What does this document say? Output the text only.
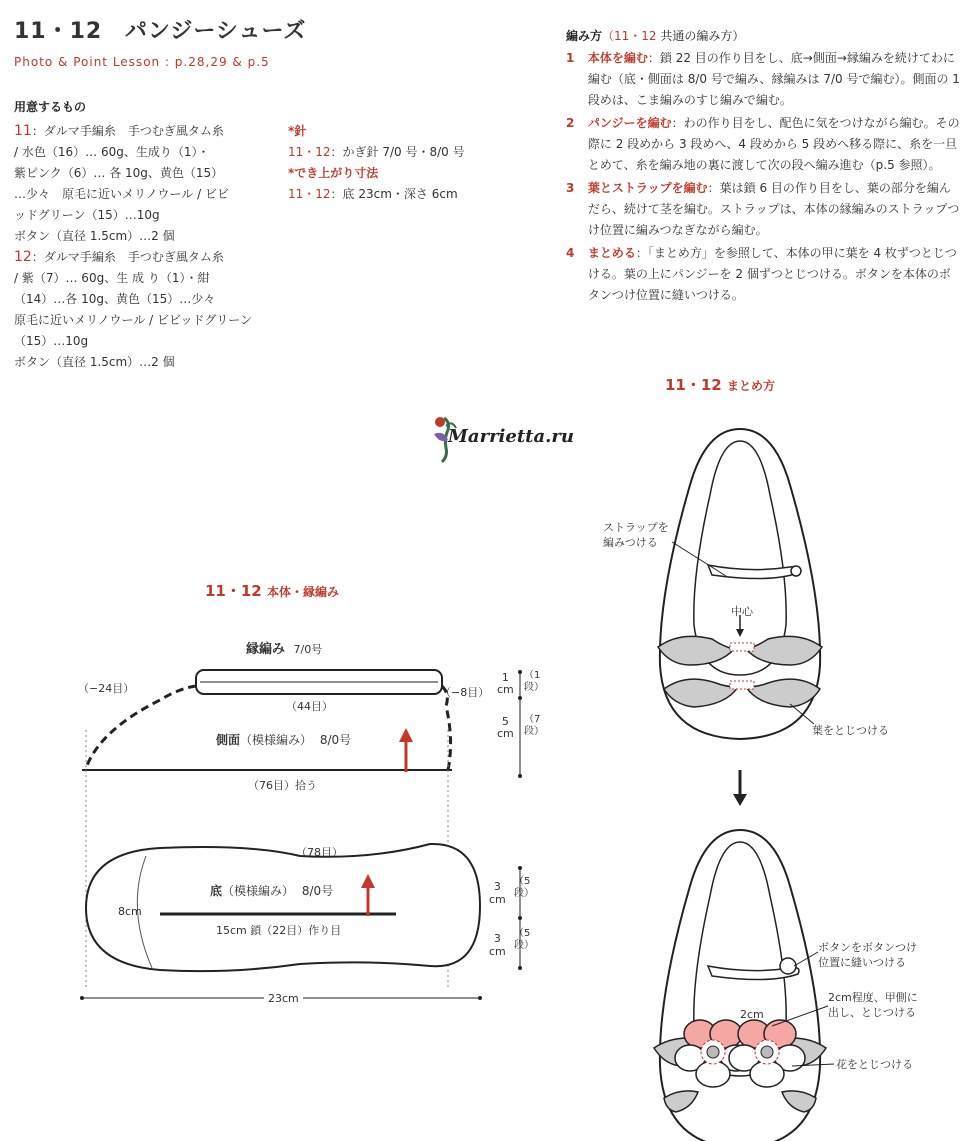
11・12 パンジーシューズ
Photo & Point Lesson : p.28,29 & p.5
用意するもの
11：ダルマ手編糸　手つむぎ風タム糸
/ 水色（16）… 60g、生成り（1）・
紫ピンク（6）… 各 10g、黄色（15）
…少々　原毛に近いメリノウール / ビビ
ッドグリーン（15）…10g
ボタン（直径 1.5cm）…2 個
12：ダルマ手編糸　手つむぎ風タム糸
/ 紫（7）… 60g、生 成 り（1）・紺
（14）…各 10g、黄色（15）…少々
原毛に近いメリノウール / ビビッドグリーン
（15）…10g
ボタン（直径 1.5cm）…2 個
*針
11・12：かぎ針 7/0 号・8/0 号
*でき上がり寸法
11・12：底 23cm・深さ 6cm
編み方（11・12 共通の編み方）
1	本体を編む：鎖 22 目の作り目をし、底→側面→縁編みを続けてわに編む（底・側面は 8/0 号で編み、縁編みは 7/0 号で編む）。側面の 1 段めは、こま編みのすじ編みで編む。
2	パンジーを編む：わの作り目をし、配色に気をつけながら編む。その際に 2 段めから 3 段めへ、4 段めから 5 段めへ移る際に、糸を一旦とめて、糸を編み地の裏に渡して次の段へ編み進む（p.5 参照）。
3	葉とストラップを編む：葉は鎖 6 目の作り目をし、葉の部分を編んだら、続けて茎を編む。ストラップは、本体の縁編みのストラップつけ位置に編みつなぎながら編む。
4	まとめる：「まとめ方」を参照して、本体の甲に葉を 4 枚ずつとじつける。葉の上にパンジーを 2 個ずつとじつける。ボタンを本体のボタンつけ位置に縫いつける。
11・12 まとめ方
Marrietta.ru
11・12 本体・縁編み
縁編み 7/0号
（−24目）	（−8目）
（44目）
側面（模様編み） 8/0号
（76目）拾う
（78目）
底（模様編み） 8/0号
15cm 鎖（22目）作り目
8cm
23cm
1
cm
（1
段）
5
cm
（7
段）
3
cm
（5
段）
3
cm
（5
段）
ストラップを
編みつける
中心
葉をとじつける
ボタンをボタンつけ
位置に縫いつける
2cm
2cm程度、甲側に
出し、とじつける
花をとじつける
